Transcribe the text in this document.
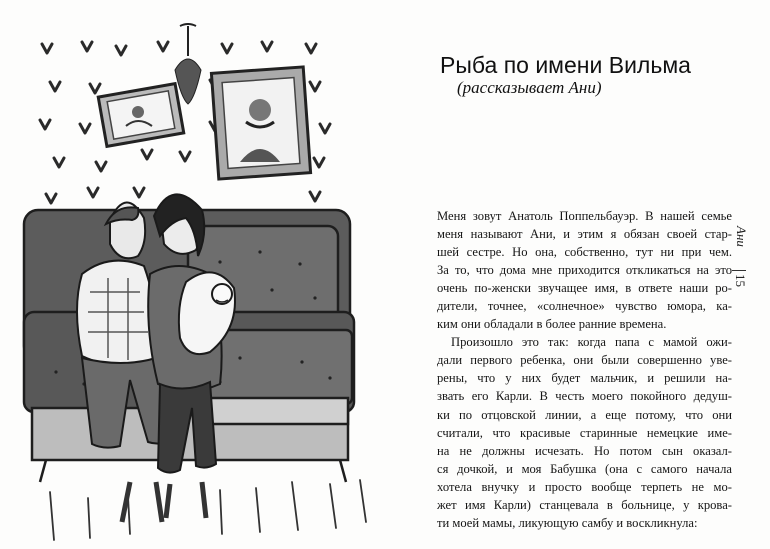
Рыба по имени Вильма
(рассказывает Ани)
Меня зовут Анатоль Поппельбауэр. В нашей семье
меня называют Ани, и этим я обязан своей стар-
шей сестре. Но она, собственно, тут ни при чем.
За то, что дома мне приходится откликаться на это
очень по-женски звучащее имя, в ответе наши ро-
дители, точнее, «солнечное» чувство юмора, ка-
ким они обладали в более ранние времена.
Произошло это так: когда папа с мамой ожи-
дали первого ребенка, они были совершенно уве-
рены, что у них будет мальчик, и решили на-
звать его Карли. В честь моего покойного дедуш-
ки по отцовской линии, а еще потому, что они
считали, что красивые старинные немецкие име-
на не должны исчезать. Но потом сын оказал-
ся дочкой, и моя Бабушка (она с самого начала
хотела внучку и просто вообще терпеть не мо-
жет имя Карли) станцевала в больнице, у крова-
ти моей мамы, ликующую самбу и воскликнула:
Ани
15
